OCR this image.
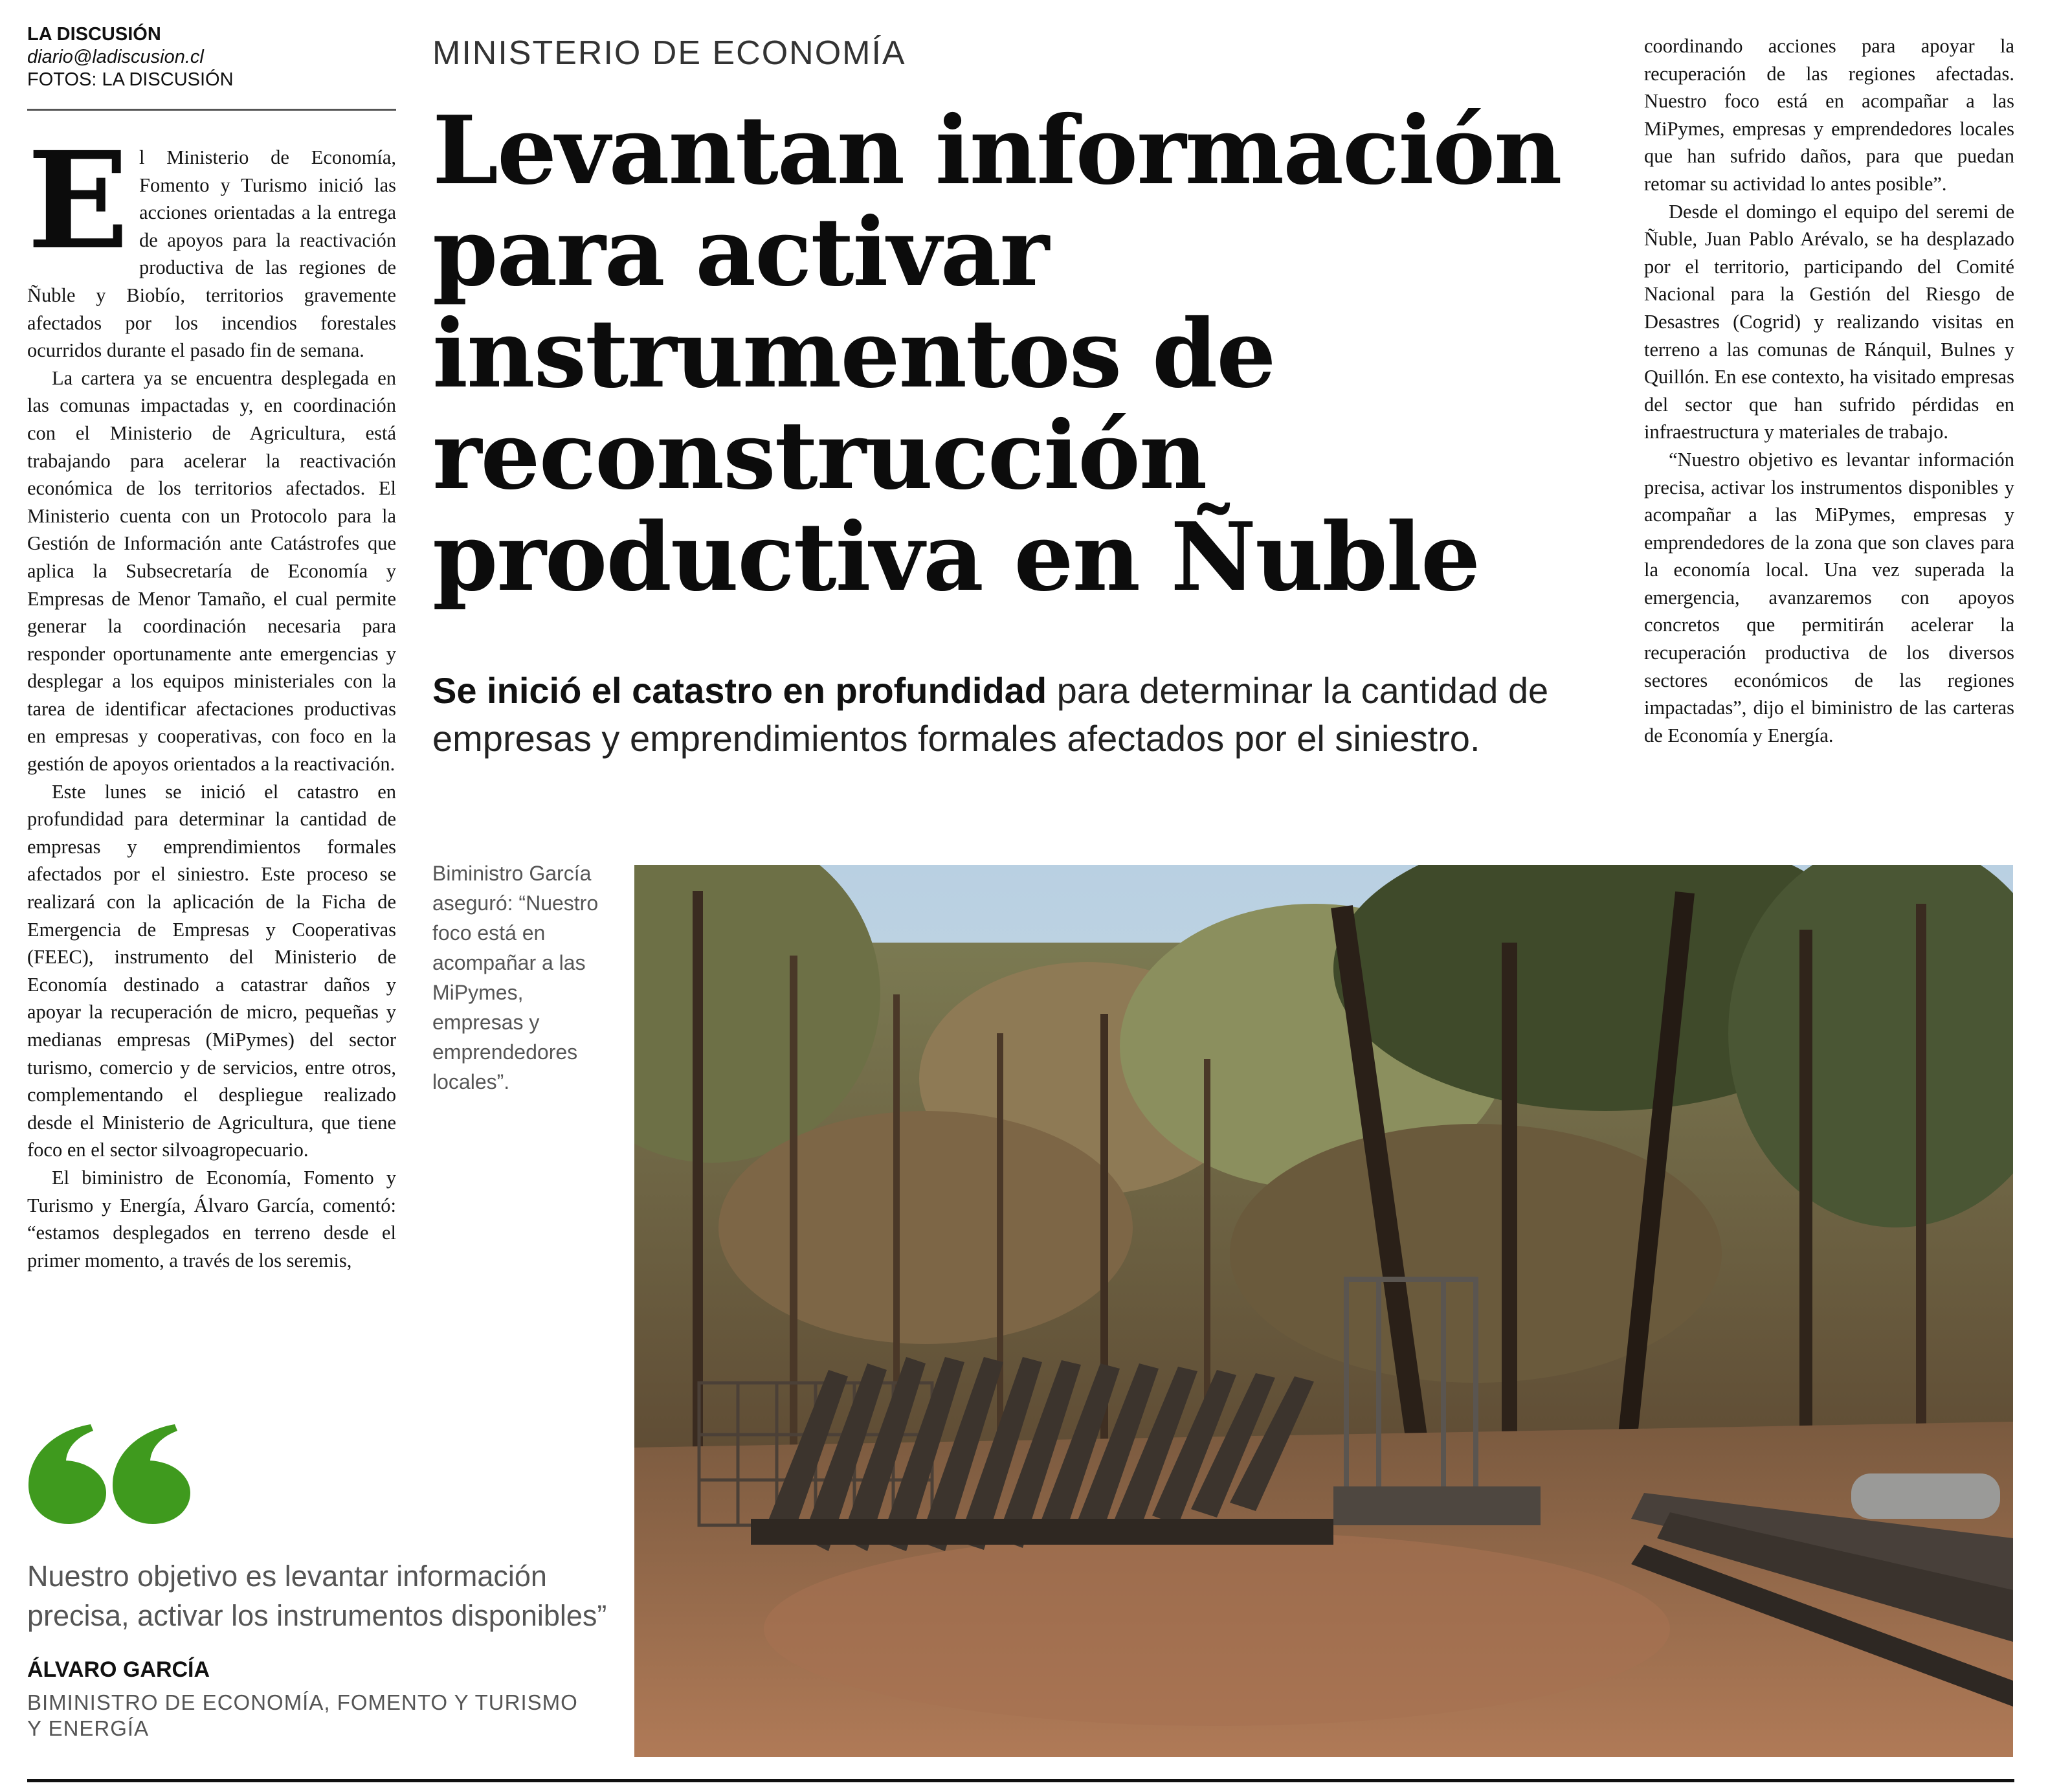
LA DISCUSIÓN
diario@ladiscusion.cl
FOTOS: LA DISCUSIÓN
MINISTERIO DE ECONOMÍA
Levantan información
para activar
instrumentos de
reconstrucción
productiva en Ñuble
Se inició el catastro en profundidad para determinar la cantidad de empresas y emprendimientos formales afectados por el siniestro.

El Ministerio de Economía, Fomento y Turismo inició las acciones orientadas a la entrega de apoyos para la reactivación productiva de las regiones de Ñuble y Biobío, territorios gravemente afectados por los incendios forestales ocurridos durante el pasado fin de semana.

La cartera ya se encuentra desplegada en las comunas impactadas y, en coordinación con el Ministerio de Agricultura, está trabajando para acelerar la reactivación económica de los territorios afectados. El Ministerio cuenta con un Protocolo para la Gestión de Información ante Catástrofes que aplica la Subsecretaría de Economía y Empresas de Menor Tamaño, el cual permite generar la coordinación necesaria para responder oportunamente ante emergencias y desplegar a los equipos ministeriales con la tarea de identificar afectaciones productivas en empresas y cooperativas, con foco en la gestión de apoyos orientados a la reactivación.

Este lunes se inició el catastro en profundidad para determinar la cantidad de empresas y emprendimientos formales afectados por el siniestro. Este proceso se realizará con la aplicación de la Ficha de Emergencia de Empresas y Cooperativas (FEEC), instrumento del Ministerio de Economía destinado a catastrar daños y apoyar la recuperación de micro, pequeñas y medianas empresas (MiPymes) del sector turismo, comercio y de servicios, entre otros, complementando el despliegue realizado desde el Ministerio de Agricultura, que tiene foco en el sector silvoagropecuario.

El biministro de Economía, Fomento y Turismo y Energía, Álvaro García, comentó: “estamos desplegados en terreno desde el primer momento, a través de los seremis,

coordinando acciones para apoyar la recuperación de las regiones afectadas. Nuestro foco está en acompañar a las MiPymes, empresas y emprendedores locales que han sufrido daños, para que puedan retomar su actividad lo antes posible”.

Desde el domingo el equipo del seremi de Ñuble, Juan Pablo Arévalo, se ha desplazado por el territorio, participando del Comité Nacional para la Gestión del Riesgo de Desastres (Cogrid) y realizando visitas en terreno a las comunas de Ránquil, Bulnes y Quillón. En ese contexto, ha visitado empresas del sector que han sufrido pérdidas en infraestructura y materiales de trabajo.

“Nuestro objetivo es levantar información precisa, activar los instrumentos disponibles y acompañar a las MiPymes, empresas y emprendedores de la zona que son claves para la economía local. Una vez superada la emergencia, avanzaremos con apoyos concretos que permitirán acelerar la recuperación productiva de los diversos sectores económicos de las regiones impactadas”, dijo el biministro de las carteras de Economía y Energía.

Biministro García aseguró: “Nuestro foco está en acompañar a las MiPymes, empresas y emprendedores locales”.
Nuestro objetivo es levantar información precisa, activar los instrumentos disponibles”
ÁLVARO GARCÍA
BIMINISTRO DE ECONOMÍA, FOMENTO Y TURISMO Y ENERGÍA
